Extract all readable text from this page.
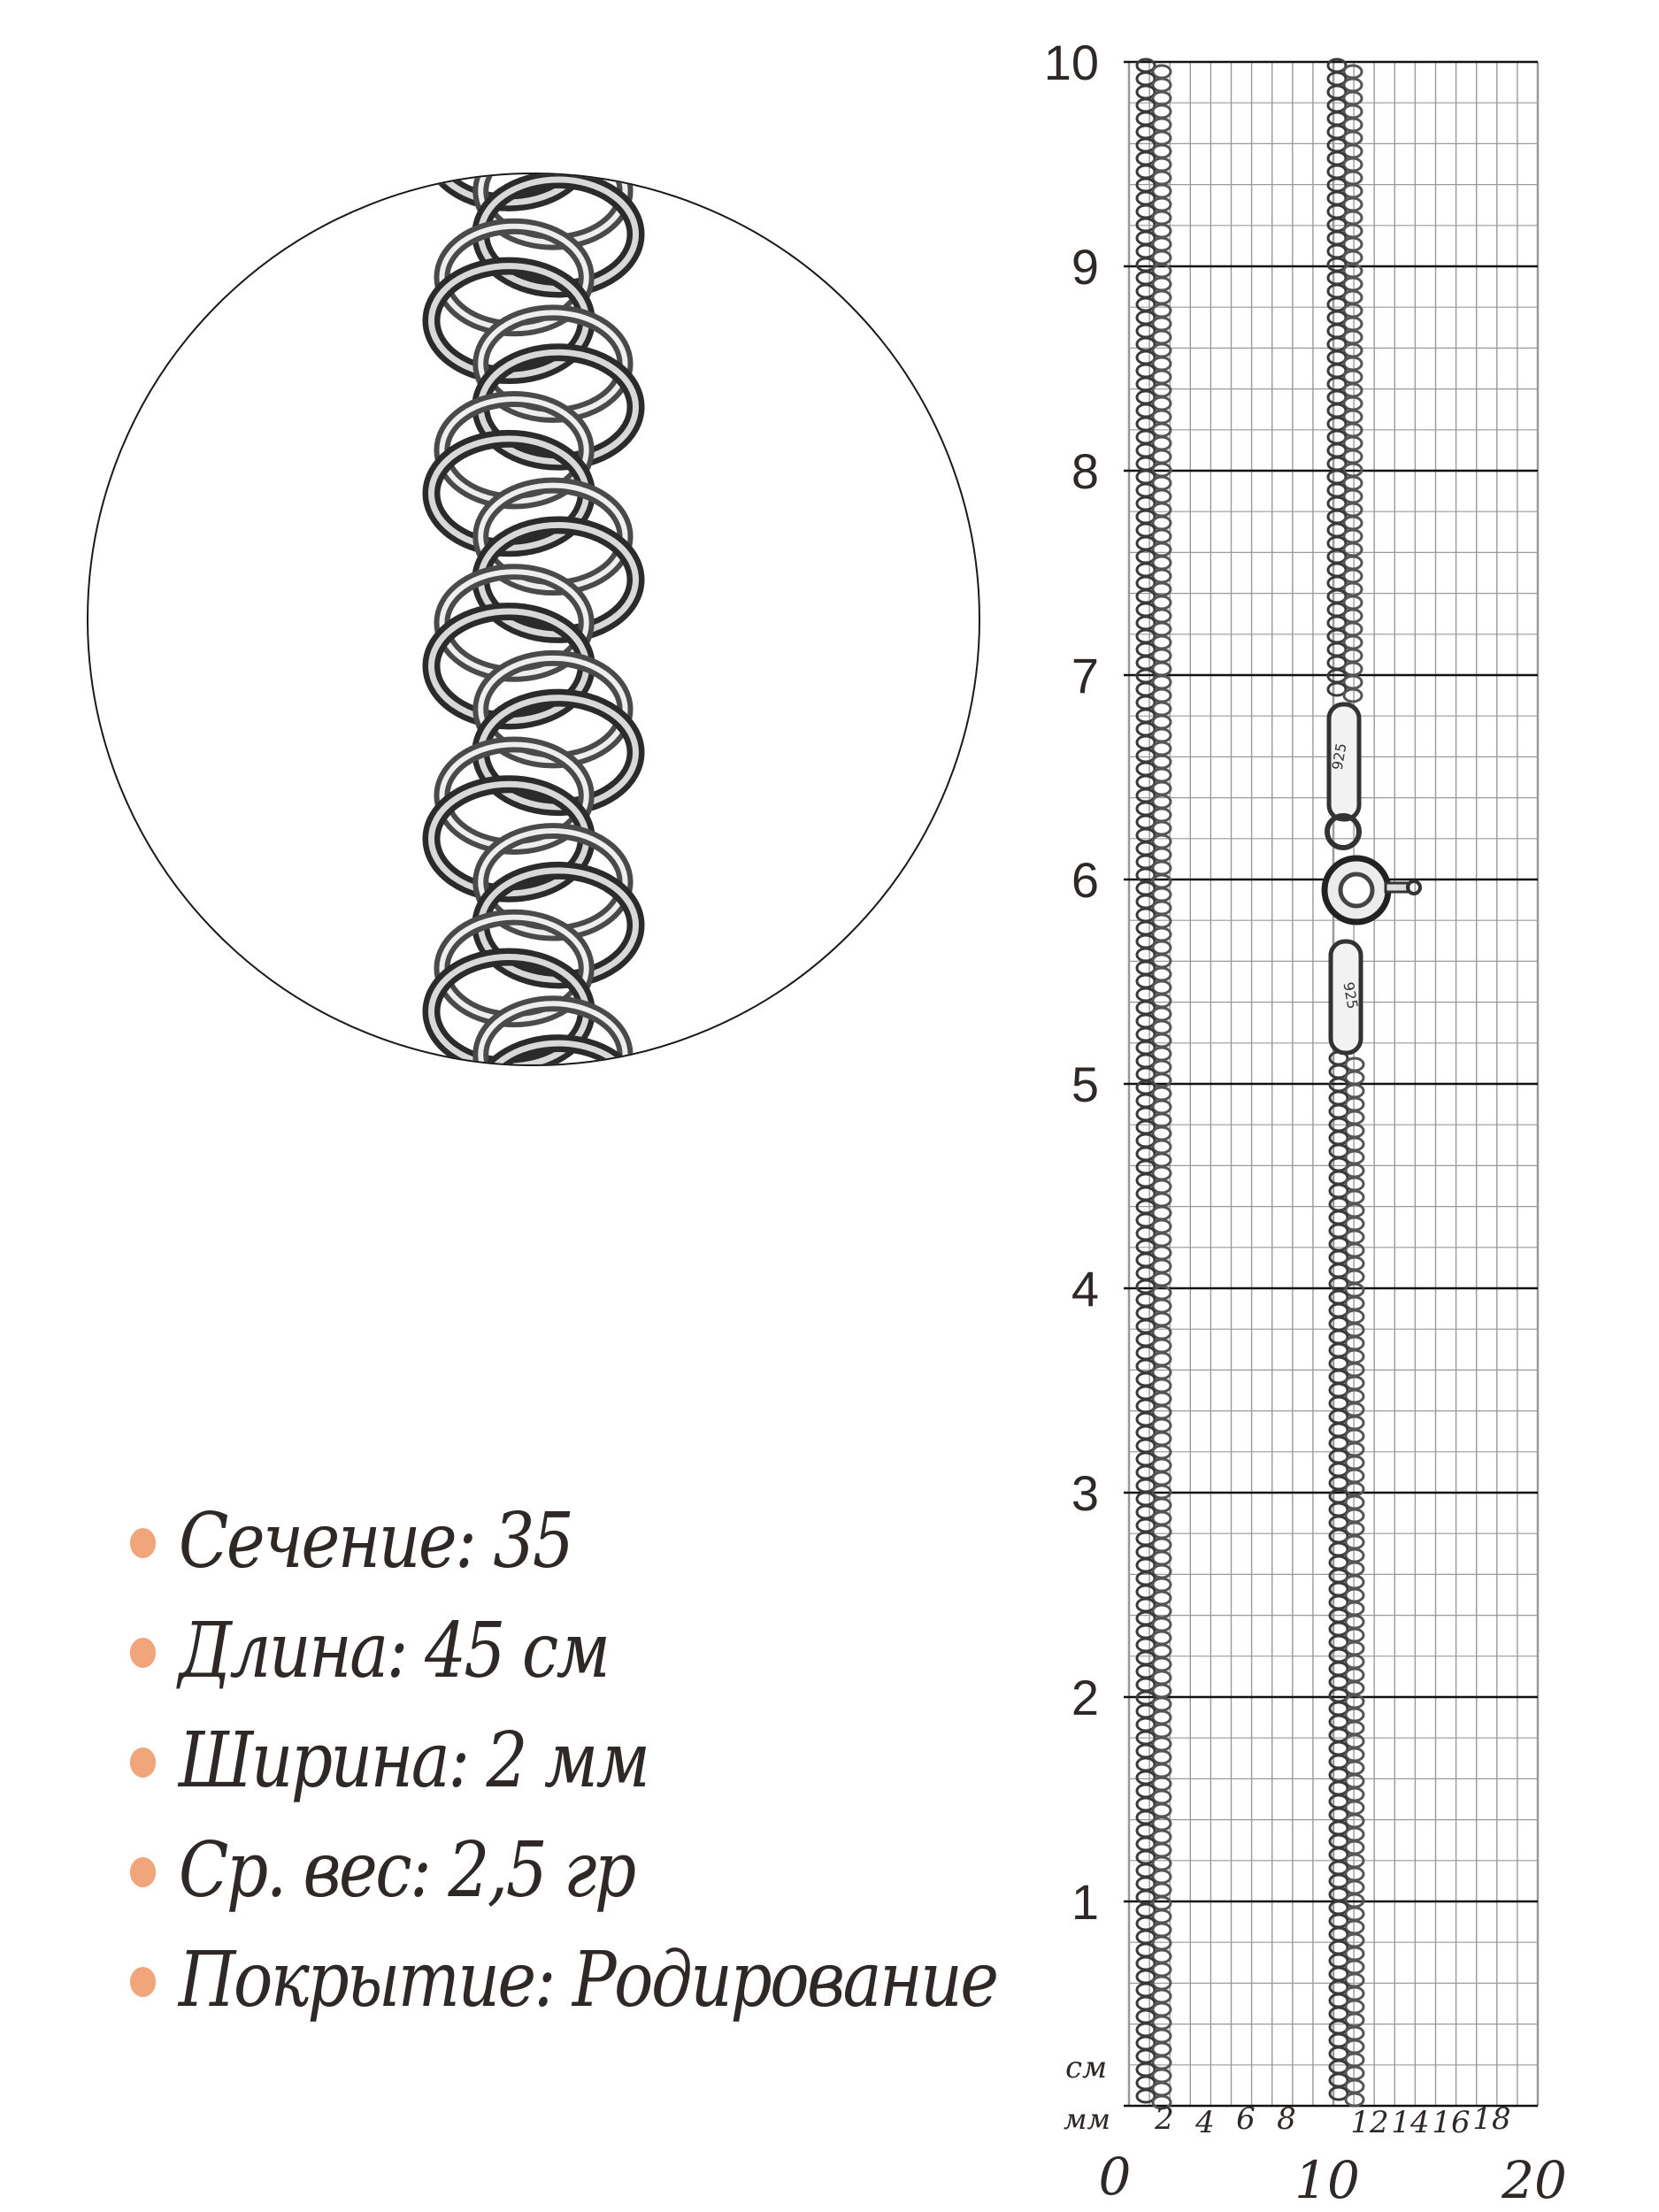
Сечение: 35
Длина: 45 см
Ширина: 2 мм
Ср. вес: 2,5 гр
Покрытие: Родирование
925
925
10
9
8
7
6
5
4
3
2
1
см
мм 2 4 6 8 12 14 16 18
0	10	20
